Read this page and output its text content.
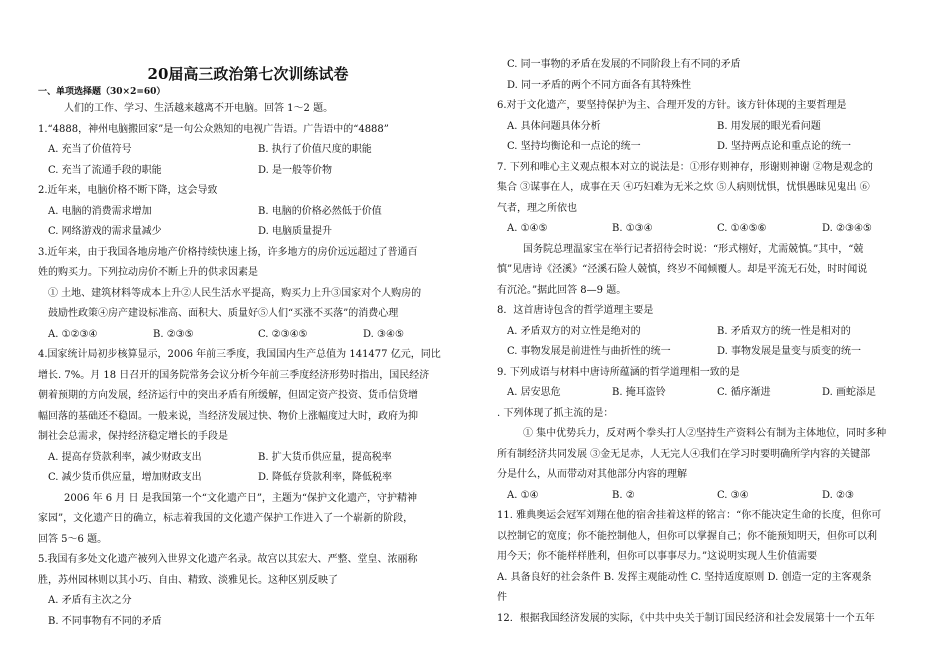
20届高三政治第七次训练试卷
一、单项选择题（30×2=60）
人们的工作、学习、生活越来越离不开电脑。回答 1～2 题。
1.“4888，神州电脑搬回家”是一句公众熟知的电视广告语。广告语中的“4888”
A. 充当了价值符号	B. 执行了价值尺度的职能
C. 充当了流通手段的职能	D. 是一般等价物
2.近年来，电脑价格不断下降，这会导致
A. 电脑的消费需求增加	B. 电脑的价格必然低于价值
C. 网络游戏的需求量减少	D. 电脑质量提升
3.近年来，由于我国各地房地产价格持续快速上扬，许多地方的房价远远超过了普通百
姓的购买力。下列拉动房价不断上升的供求因素是
① 土地、建筑材料等成本上升②人民生活水平提高，购买力上升③国家对个人购房的
鼓励性政策④房产建设标准高、面积大、质量好⑤人们“买涨不买落”的消费心理
A. ①②③④	B. ②③⑤	C. ②③④⑤	D. ③④⑤
4.国家统计局初步核算显示，2006 年前三季度，我国国内生产总值为 141477 亿元，同比
增长. 7%。月 18 日召开的国务院常务会议分析今年前三季度经济形势时指出，国民经济
朝着预期的方向发展，经济运行中的突出矛盾有所缓解，但固定资产投资、货币信贷增
幅回落的基础还不稳固。一般来说，当经济发展过快、物价上涨幅度过大时，政府为抑
制社会总需求，保持经济稳定增长的手段是
A. 提高存贷款利率，减少财政支出	B. 扩大货币供应量，提高税率
C. 减少货币供应量，增加财政支出	D. 降低存贷款利率，降低税率
2006 年 6 月 日 是我国第一个“文化遗产日”，主题为“保护文化遗产，守护精神
家园”，文化遗产日的确立，标志着我国的文化遗产保护工作进入了一个崭新的阶段，
回答 5～6 题。
5.我国有多处文化遗产被列入世界文化遗产名录。故宫以其宏大、严整、堂皇、浓丽称
胜，苏州园林则以其小巧、自由、精致、淡雅见长。这种区别反映了
A. 矛盾有主次之分
B. 不同事物有不同的矛盾
C. 同一事物的矛盾在发展的不同阶段上有不同的矛盾
D. 同一矛盾的两个不同方面各有其特殊性
6.对于文化遗产，要坚持保护为主、合理开发的方针。该方针体现的主要哲理是
A. 具体问题具体分析	B. 用发展的眼光看问题
C. 坚持均衡论和一点论的统一	D. 坚持两点论和重点论的统一
7. 下列和唯心主义观点根本对立的说法是：①形存则神存，形谢则神谢 ②物是观念的
集合 ③谋事在人，成事在天 ④巧妇难为无米之炊 ⑤人病则忧惧，忧惧愚昧见鬼出 ⑥
气者，理之所依也
A. ①④⑤	B. ①③④	C. ①④⑤⑥	D. ②③④⑤
国务院总理温家宝在举行记者招待会时说：“形式栩好，尤需兢慎。”其中，“兢
慎”见唐诗《泾溪》“泾溪石险人兢慎，终岁不闻倾覆人。却是平流无石处，时时闻说
有沉沦。”据此回答 8—9 题。
8．这首唐诗包含的哲学道理主要是
A. 矛盾双方的对立性是绝对的	B. 矛盾双方的统一性是相对的
C. 事物发展是前进性与曲折性的统一	D. 事物发展是量变与质变的统一
9. 下列成语与材料中唐诗所蕴涵的哲学道理相一致的是
A. 居安思危	B. 掩耳盗铃	C. 循序渐进	D. 画蛇添足
. 下列体现了抓主流的是：
① 集中优势兵力，反对两个拳头打人②坚持生产资料公有制为主体地位，同时多种
所有制经济共同发展 ③金无足赤，人无完人④我们在学习时要明确所学内容的关键部
分是什么，从而带动对其他部分内容的理解
A. ①④	B. ②	C. ③④	D. ②③
11. 雅典奥运会冠军刘翔在他的宿舍挂着这样的铭言：“你不能决定生命的长度，但你可
以控制它的宽度；你不能控制他人，但你可以掌握自己；你不能预知明天，但你可以利
用今天；你不能样样胜利，但你可以事事尽力。”这说明实现人生价值需要
A. 具备良好的社会条件 B. 发挥主观能动性 C. 坚持适度原则 D. 创造一定的主客观条
件
12．根据我国经济发展的实际，《中共中央关于制订国民经济和社会发展第十一个五年
